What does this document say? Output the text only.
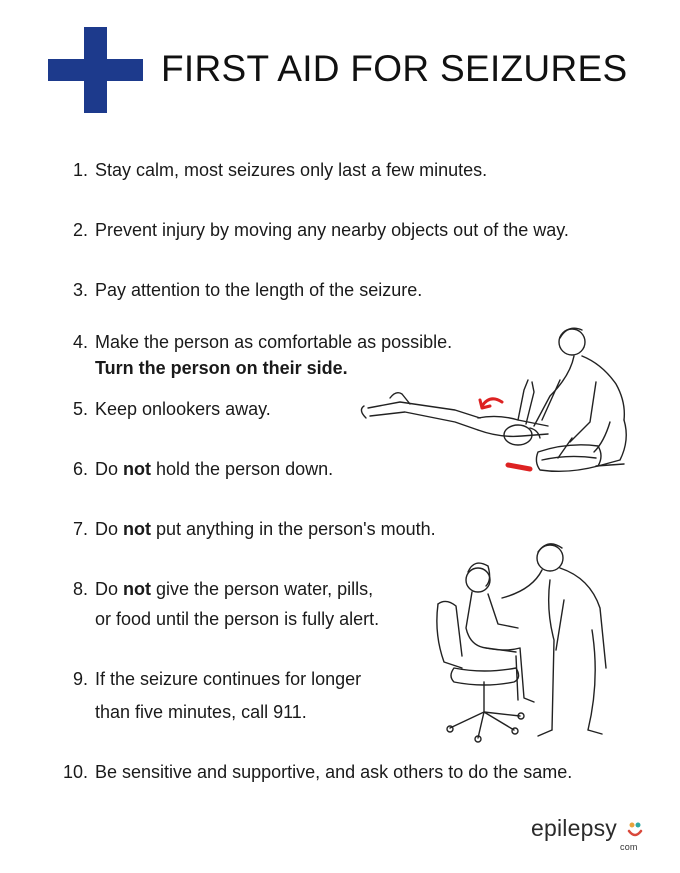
FIRST AID FOR SEIZURES
1. Stay calm, most seizures only last a few minutes.
2. Prevent injury by moving any nearby objects out of the way.
3. Pay attention to the length of the seizure.
4. Make the person as comfortable as possible.
Turn the person on their side.
5. Keep onlookers away.
6. Do not hold the person down.
7. Do not put anything in the person's mouth.
8. Do not give the person water, pills,
or food until the person is fully alert.
9. If the seizure continues for longer
than five minutes, call 911.
10. Be sensitive and supportive, and ask others to do the same.
epilepsy
com
